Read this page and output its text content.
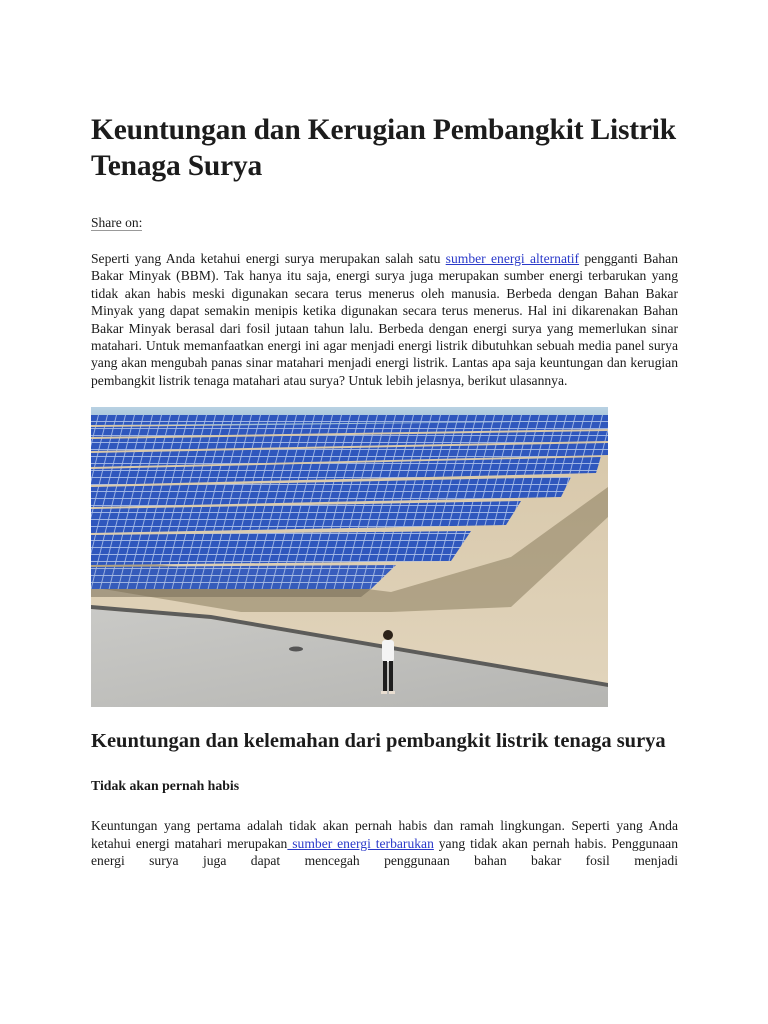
Keuntungan dan Kerugian Pembangkit Listrik Tenaga Surya
Share on:

Seperti yang Anda ketahui energi surya merupakan salah satu sumber energi alternatif pengganti Bahan Bakar Minyak (BBM). Tak hanya itu saja, energi surya juga merupakan sumber energi terbarukan yang tidak akan habis meski digunakan secara terus menerus oleh manusia. Berbeda dengan Bahan Bakar Minyak yang dapat semakin menipis ketika digunakan secara terus menerus. Hal ini dikarenakan Bahan Bakar Minyak berasal dari fosil jutaan tahun lalu. Berbeda dengan energi surya yang memerlukan sinar matahari. Untuk memanfaatkan energi ini agar menjadi energi listrik dibutuhkan sebuah media panel surya yang akan mengubah panas sinar matahari menjadi energi listrik. Lantas apa saja keuntungan dan kerugian pembangkit listrik tenaga matahari atau surya? Untuk lebih jelasnya, berikut ulasannya.

Keuntungan dan kelemahan dari pembangkit listrik tenaga surya
Tidak akan pernah habis

Keuntungan yang pertama adalah tidak akan pernah habis dan ramah lingkungan. Seperti yang Anda ketahui energi matahari merupakan sumber energi terbarukan yang tidak akan pernah habis. Penggunaan energi surya juga dapat mencegah penggunaan bahan bakar fosil menjadi
